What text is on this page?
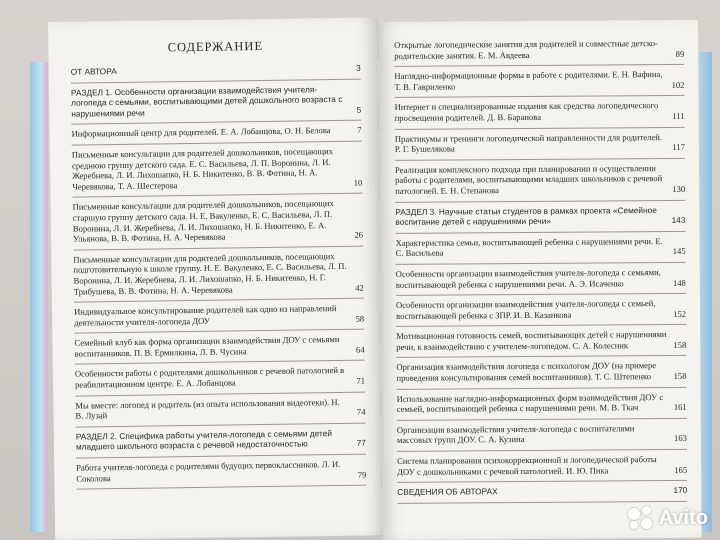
СОДЕРЖАНИЕ
ОТ АВТОРА	3
РАЗДЕЛ 1. Особенности организации взаимодействия учителя-логопеда с семьями, воспитывающими детей дошкольного возраста с нарушениями речи	5
Информационный центр для родителей. Е. А. Лобанцова, О. Н. Белова	7
Письменные консультации для родителей дошкольников, посещающих среднюю группу детского сада. Е. С. Васильева, Л. П. Воронина, Л. И. Жеребнева, Л. И. Лихошапко, Н. Б. Никитенко, В. В. Фотина, Н. А. Черевякова, Т. А. Шестерова	10
Письменные консультации для родителей дошкольников, посещающих старшую группу детского сада. Н. Е. Вакуленко, Е. С. Васильева, Л. П. Воронина, Л. И. Жеребнева, Л. И. Лихошапко, Н. Б. Никитенко, Е. А. Ульянова, В. В. Фотина, Н. А. Черевякова	26
Письменные консультации для родителей дошкольников, посещающих подготовительную к школе группу. Н. Е. Вакуленко, Е. С. Васильева, Л. П. Воронина, Л. И. Жеребнева, Л. И. Лихошапко, Н. Б. Никитенко, Н. Г. Трибушева, В. В. Фотина, Н. А. Черевякова	42
Индивидуальное консультирование родителей как одно из направлений деятельности учителя-логопеда ДОУ	58
Семейный клуб как форма организации взаимодействия ДОУ с семьями воспитанников. П. В. Ермилкина, Л. В. Чусина	64
Особенности работы с родителями дошкольников с речевой патологией в реабилитационном центре. Е. А. Лобанцова	71
Мы вместе: логопед и родитель (из опыта использования видеотеки). Н. В. Лузай	74
РАЗДЕЛ 2. Специфика работы учителя-логопеда с семьями детей младшего школьного возраста с речевой недостаточностью	77
Работа учителя-логопеда с родителями будущих первоклассников. Л. И. Соколова	79
Открытые логопедические занятия для родителей и совместные детско-родительские занятия. Е. М. Авдеева	89
Наглядно-информационные формы в работе с родителями. Е. Н. Вафина, Т. В. Гавриленко	102
Интернет и специализированные издания как средства логопедического просвещения родителей. Д. В. Баранова	111
Практикумы и тренинги логопедической направленности для родителей. Р. Г. Бушелякова	117
Реализация комплексного подхода при планировании и осуществлении работы с родителями, воспитывающими младших школьников с речевой патологией. Е. Н. Степанова	130
РАЗДЕЛ 3. Научные статьи студентов в рамках проекта «Семейное воспитание детей с нарушениями речи»	143
Характеристика семьи, воспитывающей ребенка с нарушениями речи. Е. С. Васильева	145
Особенности организации взаимодействия учителя-логопеда с семьями, воспитывающей ребенка с нарушениями речи. А. Э. Исаченко	148
Особенности организации взаимодействия учителя-логопеда с семьей, воспитывающей ребенка с ЗПР. И. В. Казанкова	152
Мотивационная готовность семей, воспитывающих детей с нарушениями речи, к взаимодействию с учителем-логопедом. С. А. Колесник	158
Организация взаимодействия логопеда с психологом ДОУ (на примере проведения консультирования семей воспитанников). Т. С. Штепенко	158
Использование наглядно-информационных форм взаимодействия ДОУ с семьей, воспитывающей ребенка с нарушениями речи. М. В. Ткач	161
Организация взаимодействия учителя-логопеда с воспитателями массовых групп ДОУ. С. А. Кузина	163
Система планирования психокоррекционной и логопедической работы ДОУ с дошкольниками с речевой патологией. И. Ю. Пика	165
СВЕДЕНИЯ ОБ АВТОРАХ	170
Avito
